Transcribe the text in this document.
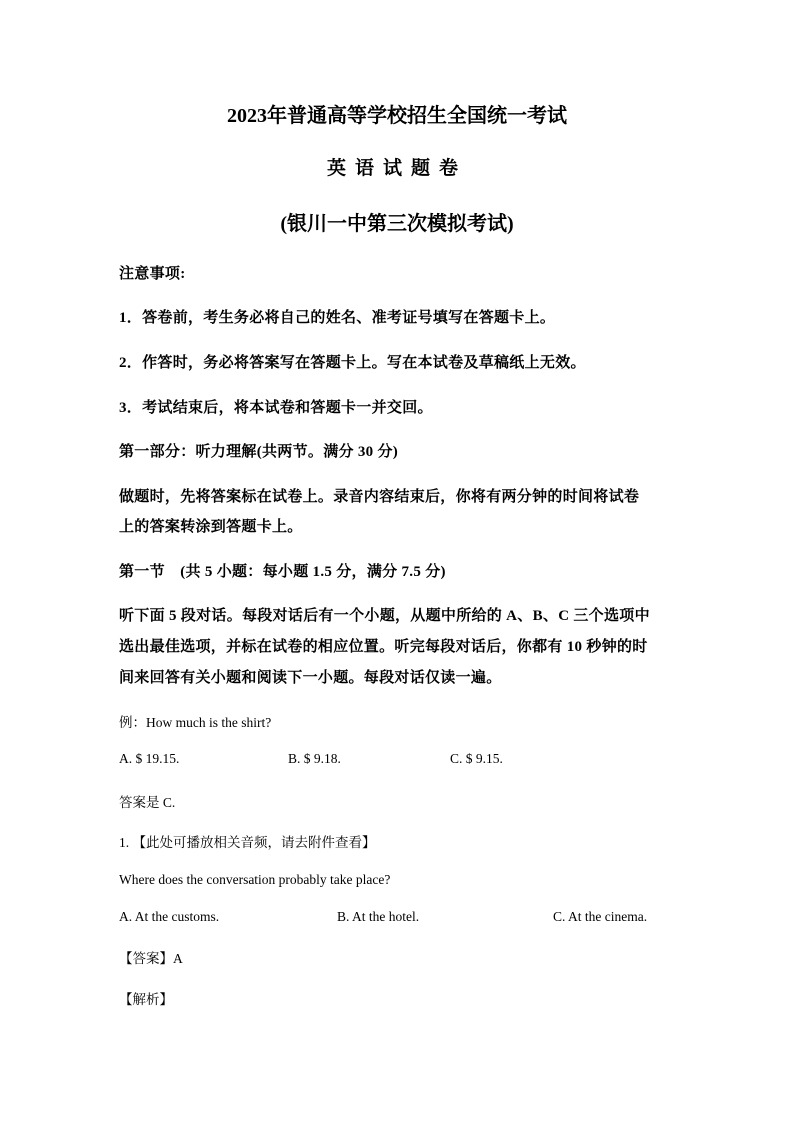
2023年普通高等学校招生全国统一考试
英语试题卷
(银川一中第三次模拟考试)
注意事项:
1．答卷前，考生务必将自己的姓名、准考证号填写在答题卡上。
2．作答时，务必将答案写在答题卡上。写在本试卷及草稿纸上无效。
3．考试结束后，将本试卷和答题卡一并交回。
第一部分：听力理解(共两节。满分 30 分)
做题时，先将答案标在试卷上。录音内容结束后，你将有两分钟的时间将试卷
上的答案转涂到答题卡上。
第一节　(共 5 小题：每小题 1.5 分，满分 7.5 分)
听下面 5 段对话。每段对话后有一个小题，从题中所给的 A、B、C 三个选项中
选出最佳选项，并标在试卷的相应位置。听完每段对话后，你都有 10 秒钟的时
间来回答有关小题和阅读下一小题。每段对话仅读一遍。
例：How much is the shirt?
A. $ 19.15.	B. $ 9.18.	C. $ 9.15.
答案是 C.
1. 【此处可播放相关音频，请去附件查看】
Where does the conversation probably take place?
A. At the customs.	B. At the hotel.	C. At the cinema.
【答案】A
【解析】
